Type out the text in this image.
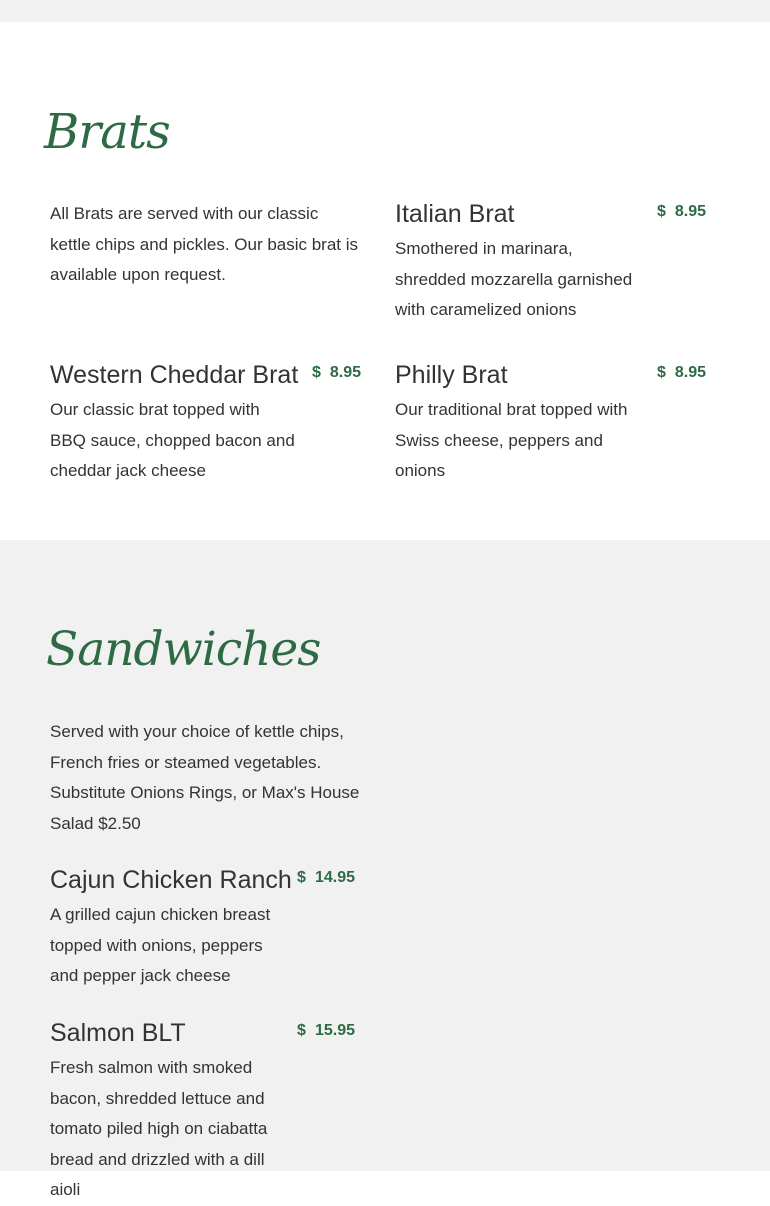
Brats

All Brats are served with our classic kettle chips and pickles. Our basic brat is available upon request.

Italian Brat	$ 8.95

Smothered in marinara, shredded mozzarella garnished with caramelized onions

Western Cheddar Brat $ 8.95

Our classic brat topped with BBQ sauce, chopped bacon and cheddar jack cheese

Philly Brat	$ 8.95

Our traditional brat topped with Swiss cheese, peppers and onions

Sandwiches

Served with your choice of kettle chips, French fries or steamed vegetables. Substitute Onions Rings, or Max's House Salad $2.50

Cajun Chicken Ranch $ 14.95

A grilled cajun chicken breast topped with onions, peppers and pepper jack cheese

Salmon BLT	$ 15.95

Fresh salmon with smoked bacon, shredded lettuce and tomato piled high on ciabatta bread and drizzled with a dill aioli
